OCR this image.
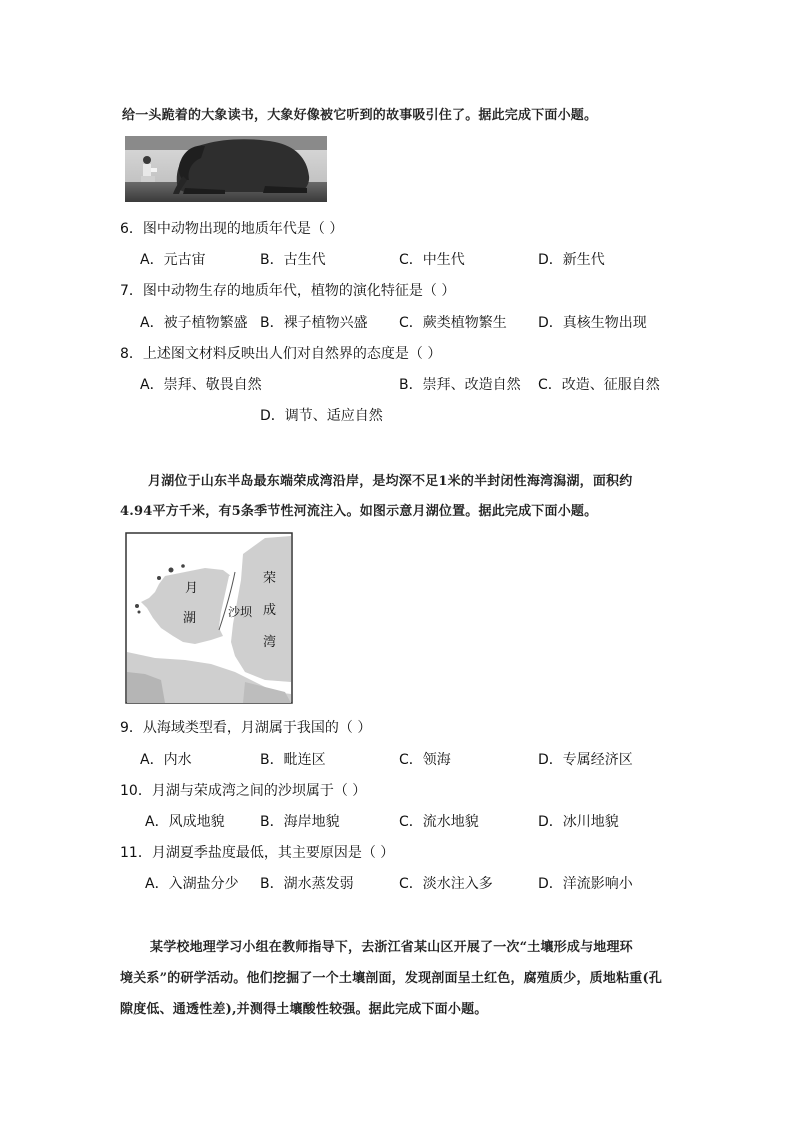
给一头跪着的大象读书，大象好像被它听到的故事吸引住了。据此完成下面小题。
6．图中动物出现的地质年代是（ ）
A．元古宙	B．古生代	C．中生代	D．新生代
7．图中动物生存的地质年代，植物的演化特征是（ ）
A．被子植物繁盛 B．裸子植物兴盛 C．蕨类植物繁生 D．真核生物出现
8．上述图文材料反映出人们对自然界的态度是（ ）
A．崇拜、敬畏自然	B．崇拜、改造自然 C．改造、征服自然
D．调节、适应自然
月湖位于山东半岛最东端荣成湾沿岸，是均深不足1米的半封闭性海湾潟湖，面积约
4.94平方千米，有5条季节性河流注入。如图示意月湖位置。据此完成下面小题。
月
湖	沙坝
荣
成
湾
9．从海域类型看，月湖属于我国的（ ）
A．内水	B．毗连区	C．领海	D．专属经济区
10．月湖与荣成湾之间的沙坝属于（ ）
A．风成地貌	B．海岸地貌	C．流水地貌	D．冰川地貌
11．月湖夏季盐度最低，其主要原因是（ ）
A．入湖盐分少 B．湖水蒸发弱	C．淡水注入多	D．洋流影响小
某学校地理学习小组在教师指导下，去浙江省某山区开展了一次“土壤形成与地理环
境关系”的研学活动。他们挖掘了一个土壤剖面，发现剖面呈土红色，腐殖质少，质地粘重(孔
隙度低、通透性差),并测得土壤酸性较强。据此完成下面小题。
